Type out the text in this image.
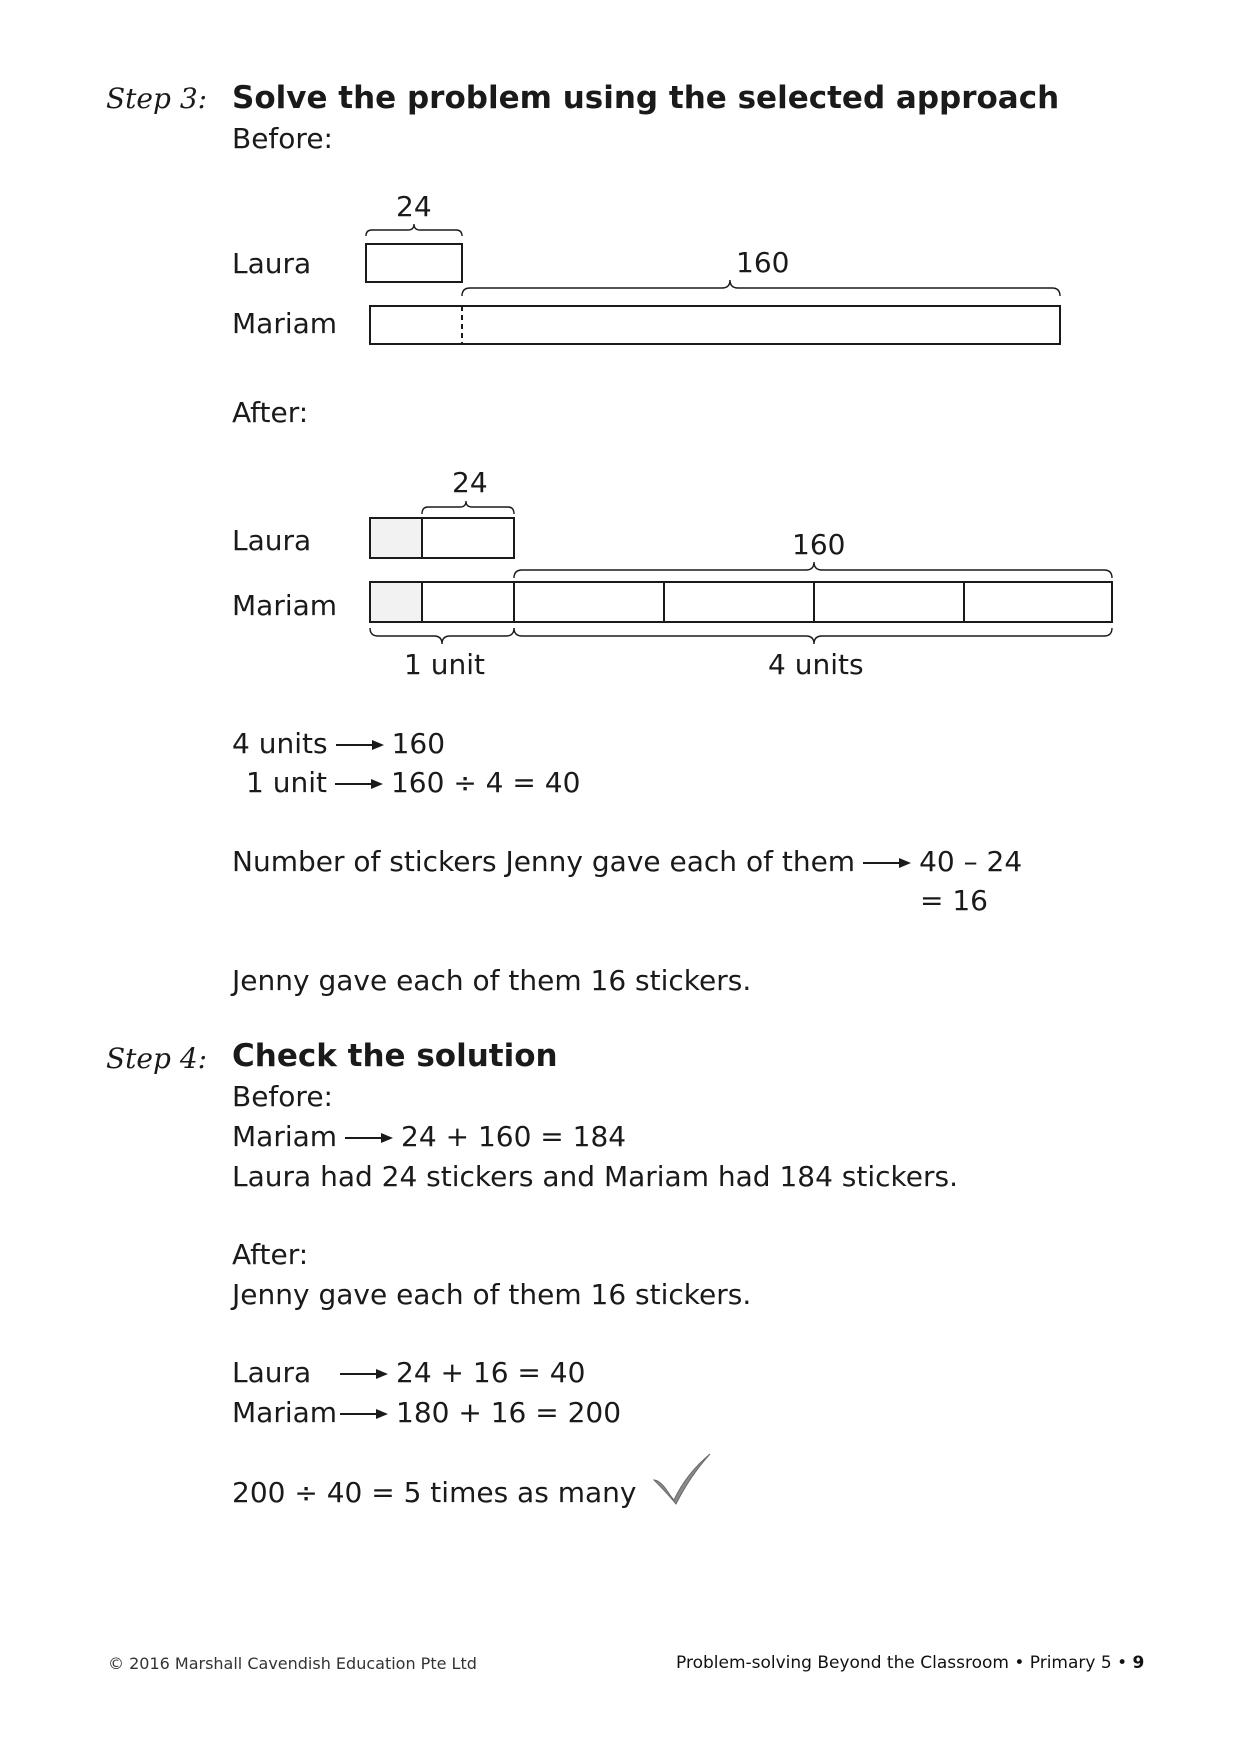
Step 3: Solve the problem using the selected approach
Before:
24
Laura
Mariam
160
After:
24
Laura
Mariam
160
1 unit	4 units
4 units 160
1 unit 160 ÷ 4 = 40
Number of stickers Jenny gave each of them 40 – 24
= 16
Jenny gave each of them 16 stickers.
Step 4: Check the solution
Before:
Mariam 24 + 160 = 184
Laura had 24 stickers and Mariam had 184 stickers.
After:
Jenny gave each of them 16 stickers.
Laura	24 + 16 = 40
Mariam 180 + 16 = 200
200 ÷ 40 = 5 times as many
© 2016 Marshall Cavendish Education Pte Ltd	Problem-solving Beyond the Classroom • Primary 5 • 9
